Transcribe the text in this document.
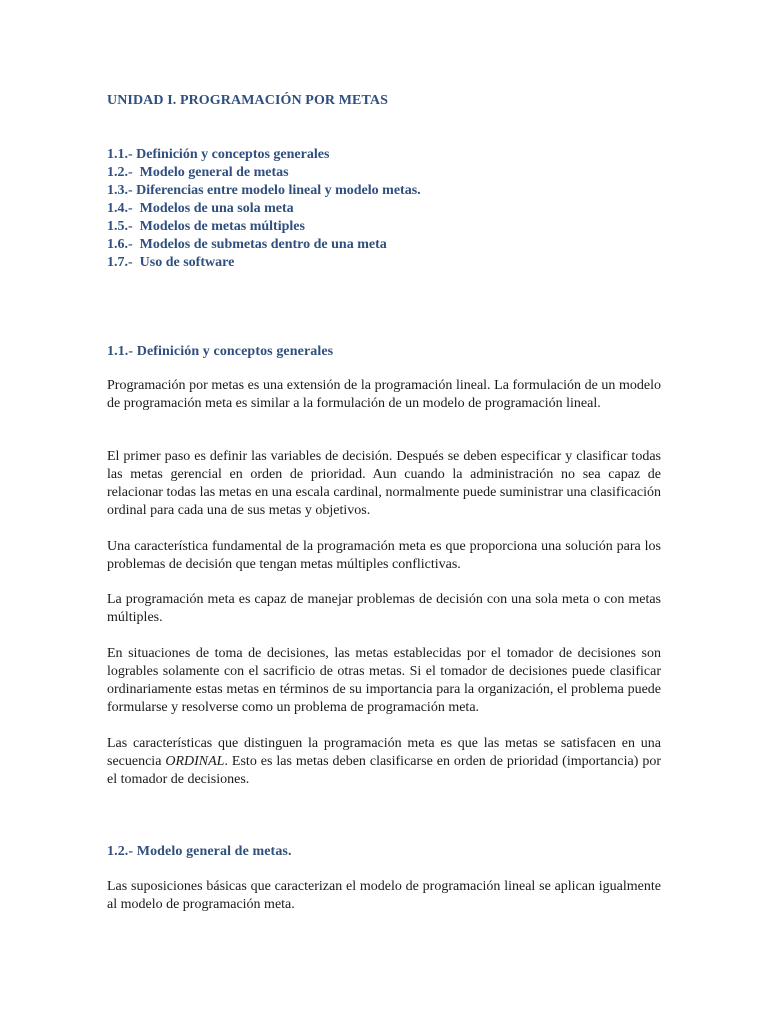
UNIDAD I. PROGRAMACIÓN POR METAS
1.1.- Definición y conceptos generales
1.2.-  Modelo general de metas
1.3.- Diferencias entre modelo lineal y modelo metas.
1.4.-  Modelos de una sola meta
1.5.-  Modelos de metas múltiples
1.6.-  Modelos de submetas dentro de una meta
1.7.-  Uso de software
1.1.- Definición y conceptos generales

Programación por metas es una extensión de la programación lineal. La formulación de un modelo de programación meta es similar a la formulación de un modelo de programación lineal.

El primer paso es definir las variables de decisión. Después se deben especificar y clasificar todas las metas gerencial en orden de prioridad. Aun cuando la administración no sea capaz de relacionar todas las metas en una escala cardinal, normalmente puede suministrar una clasificación ordinal para cada una de sus metas y objetivos.

Una característica fundamental de la programación meta es que proporciona una solución para los problemas de decisión que tengan metas múltiples conflictivas.

La programación meta es capaz de manejar problemas de decisión con una sola meta o con metas múltiples.

En situaciones de toma de decisiones, las metas establecidas por el tomador de decisiones son logrables solamente con el sacrificio de otras metas. Si el tomador de decisiones puede clasificar ordinariamente estas metas en términos de su importancia para la organización, el problema puede formularse y resolverse como un problema de programación meta.

Las características que distinguen la programación meta es que las metas se satisfacen en una secuencia ORDINAL. Esto es las metas deben clasificarse en orden de prioridad (importancia) por el tomador de decisiones.

1.2.- Modelo general de metas.

Las suposiciones básicas que caracterizan el modelo de programación lineal se aplican igualmente al modelo de programación meta.
